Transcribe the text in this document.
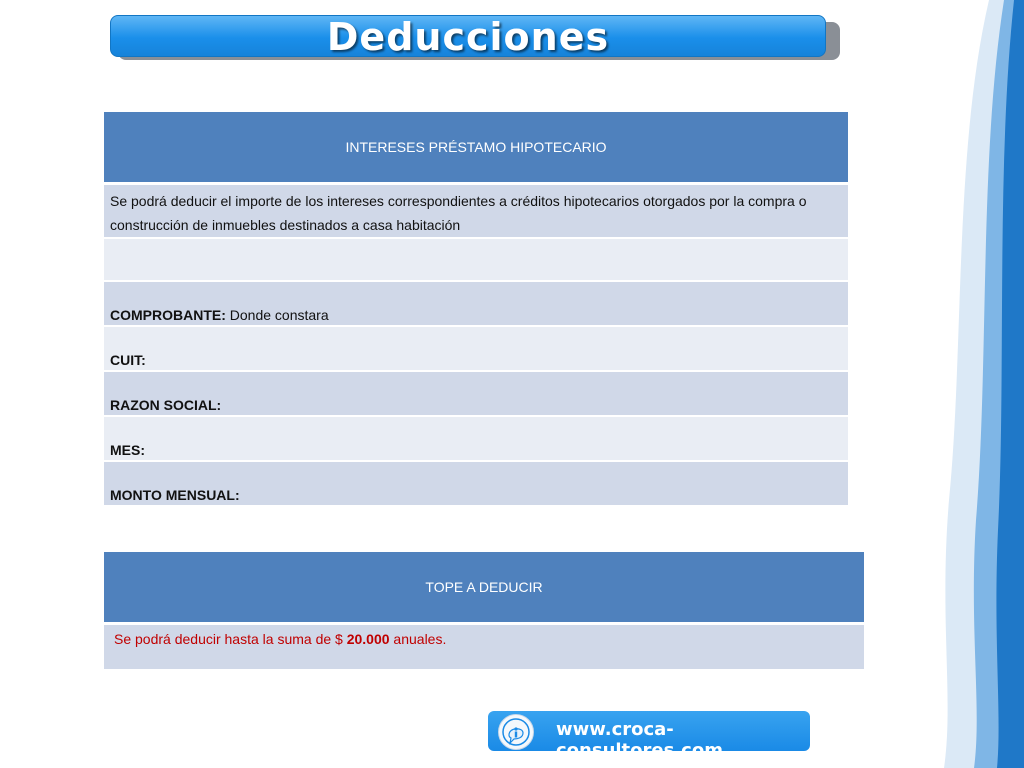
Deducciones
INTERESES PRÉSTAMO HIPOTECARIO
Se podrá deducir el importe de los intereses correspondientes a créditos hipotecarios otorgados por la compra o construcción de inmuebles destinados a casa habitación

COMPROBANTE: Donde constara
CUIT:
RAZON SOCIAL:
MES:
MONTO MENSUAL:
TOPE A DEDUCIR
Se podrá deducir hasta la suma de $ 20.000 anuales.
www.croca-consultores.com
